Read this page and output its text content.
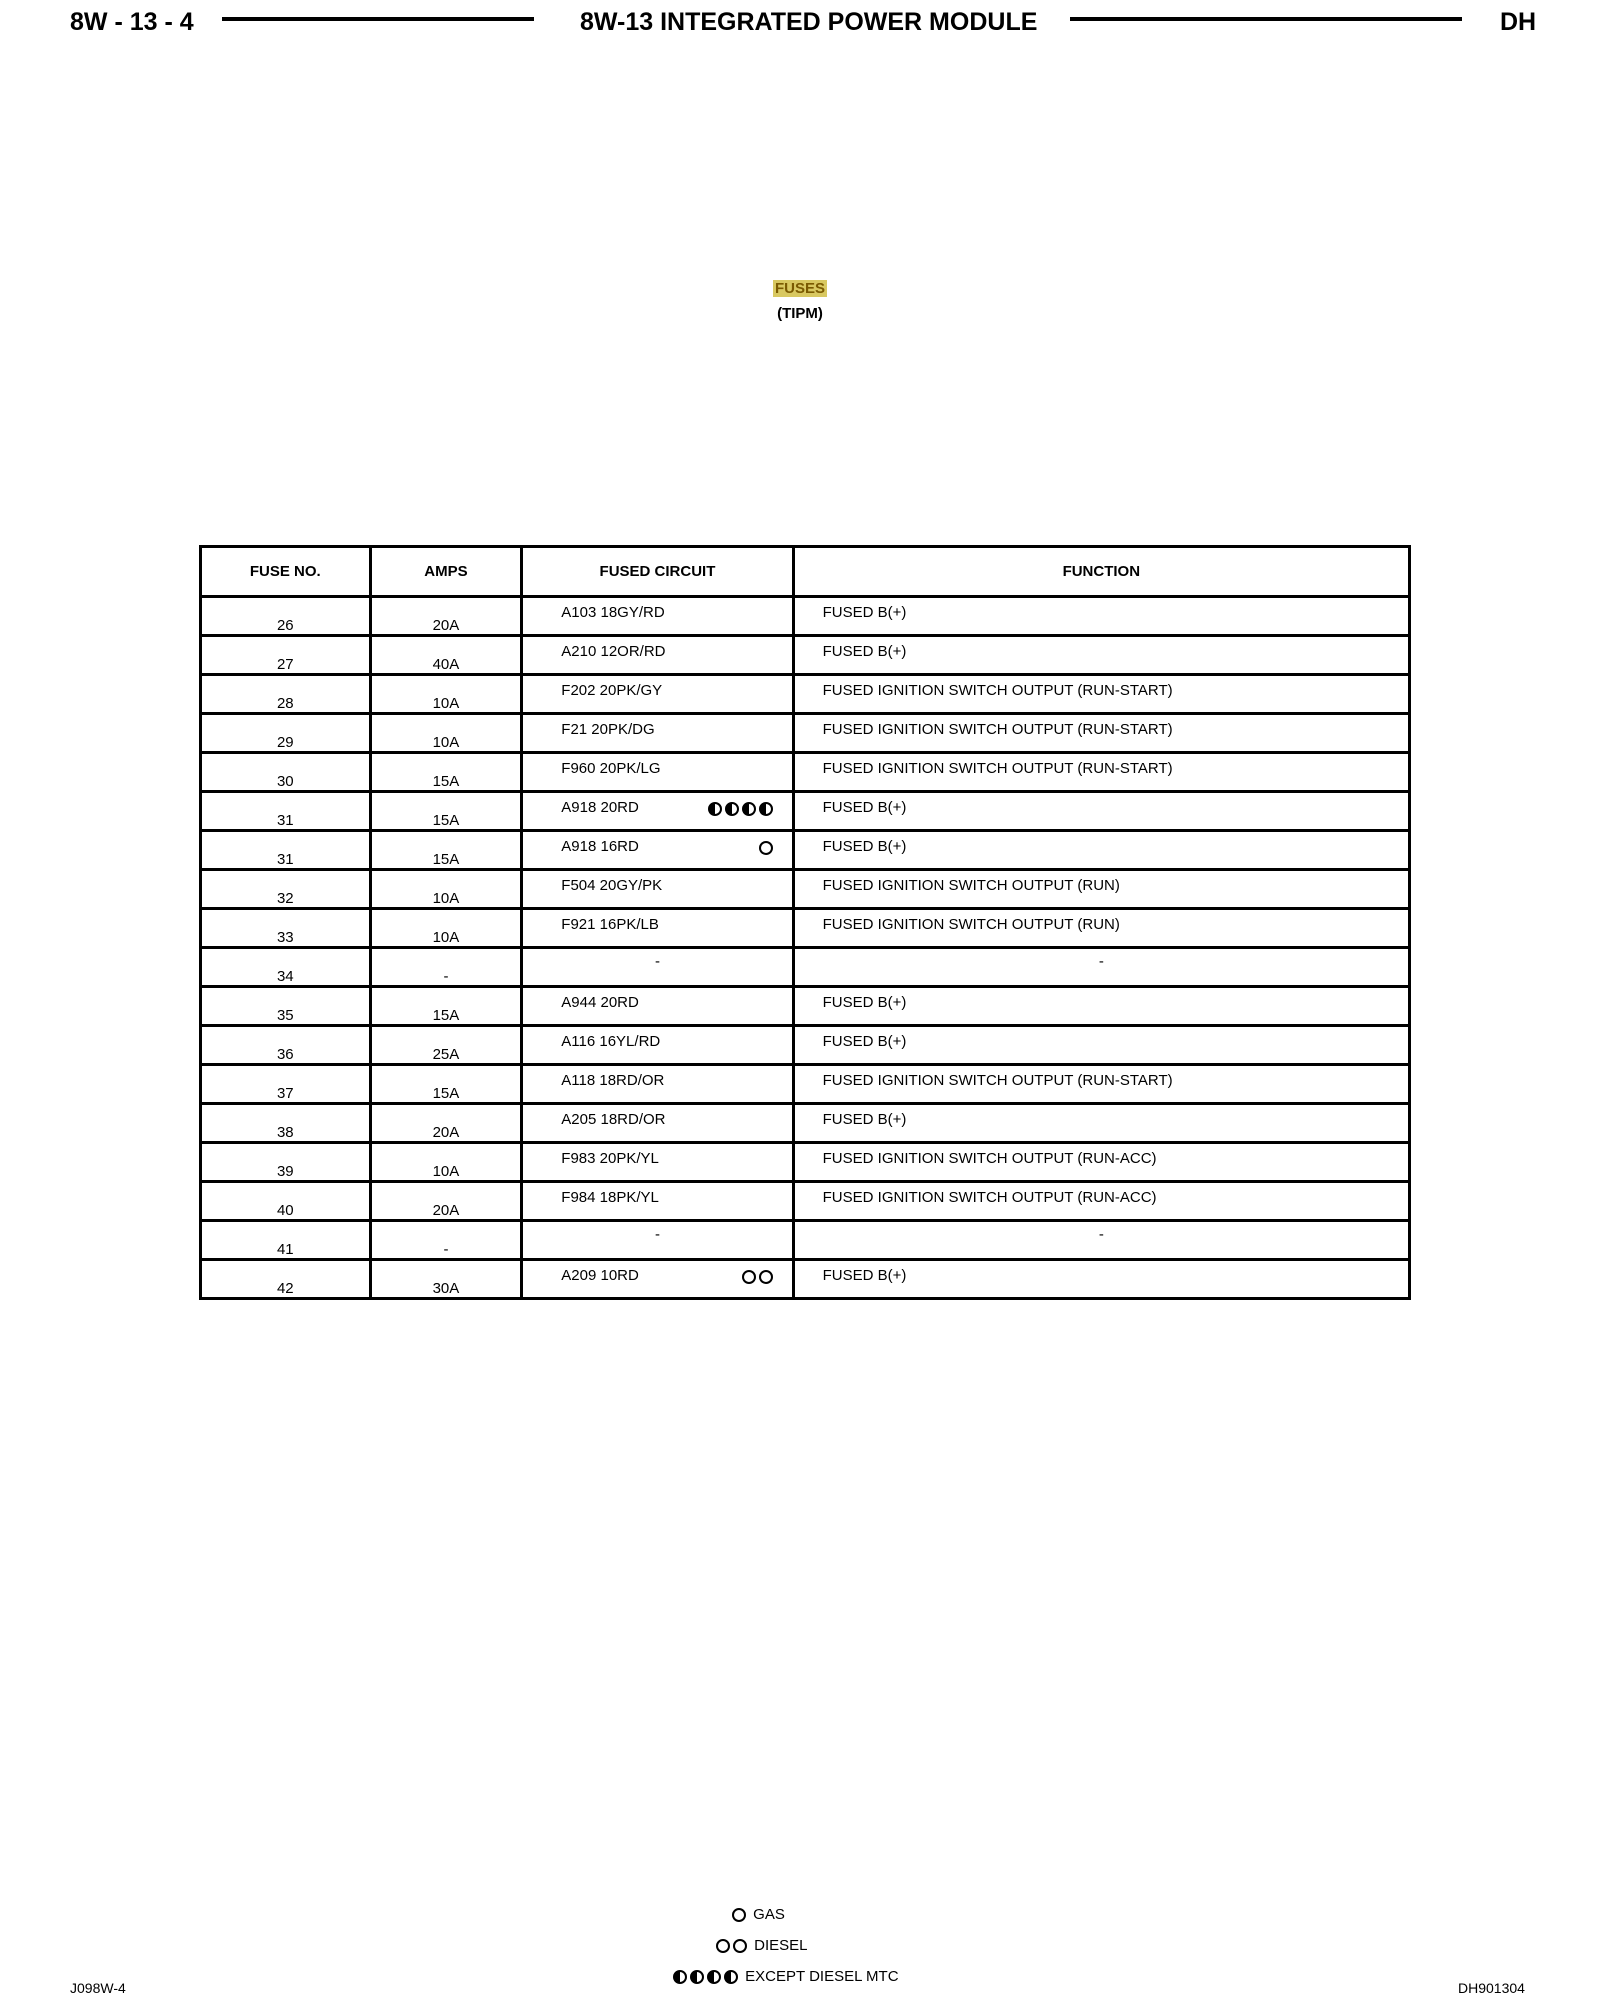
8W - 13 - 4	8W-13 INTEGRATED POWER MODULE	DH
FUSES
(TIPM)
FUSE NO.	AMPS	FUSED CIRCUIT	FUNCTION
26	20A	A103 18GY/RD	FUSED B(+)

27	40A	A210 12OR/RD	FUSED B(+)

28	10A	F202 20PK/GY	FUSED IGNITION SWITCH OUTPUT (RUN-START)

29	10A	F21 20PK/DG	FUSED IGNITION SWITCH OUTPUT (RUN-START)

30	15A	F960 20PK/LG	FUSED IGNITION SWITCH OUTPUT (RUN-START)

31	15A	A918 20RD	FUSED B(+)

31	15A	A918 16RD	FUSED B(+)

32	10A	F504 20GY/PK	FUSED IGNITION SWITCH OUTPUT (RUN)

33	10A	F921 16PK/LB	FUSED IGNITION SWITCH OUTPUT (RUN)

34	-	-	-

35	15A	A944 20RD	FUSED B(+)

36	25A	A116 16YL/RD	FUSED B(+)

37	15A	A118 18RD/OR	FUSED IGNITION SWITCH OUTPUT (RUN-START)

38	20A	A205 18RD/OR	FUSED B(+)

39	10A	F983 20PK/YL	FUSED IGNITION SWITCH OUTPUT (RUN-ACC)

40	20A	F984 18PK/YL	FUSED IGNITION SWITCH OUTPUT (RUN-ACC)

41	-	-	-

42	30A	A209 10RD	FUSED B(+)
GAS
DIESEL
EXCEPT DIESEL MTC
J098W-4	DH901304
